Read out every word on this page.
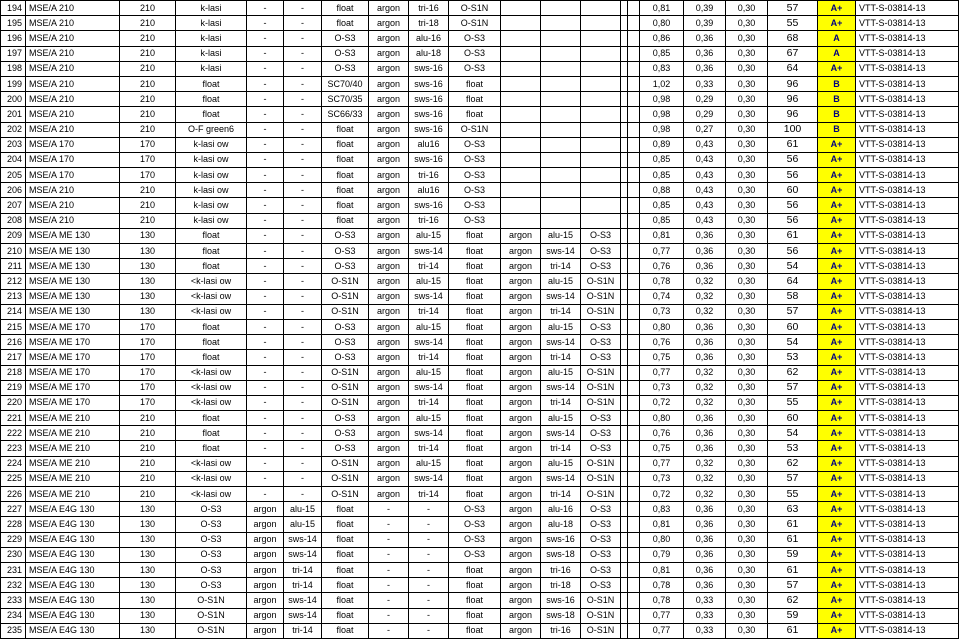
194	MSE/A 210	210	k-lasi	-	-	float	argon	tri-16	O-S1N						0,81	0,39	0,30	57	A+	VTT-S-03814-13
195	MSE/A 210	210	k-lasi	-	-	float	argon	tri-18	O-S1N						0,80	0,39	0,30	55	A+	VTT-S-03814-13
196	MSE/A 210	210	k-lasi	-	-	O-S3	argon	alu-16	O-S3						0,86	0,36	0,30	68	A	VTT-S-03814-13
197	MSE/A 210	210	k-lasi	-	-	O-S3	argon	alu-18	O-S3						0,85	0,36	0,30	67	A	VTT-S-03814-13
198	MSE/A 210	210	k-lasi	-	-	O-S3	argon	sws-16	O-S3						0,83	0,36	0,30	64	A+	VTT-S-03814-13
199	MSE/A 210	210	float	-	-	SC70/40	argon	sws-16	float						1,02	0,33	0,30	96	B	VTT-S-03814-13
200	MSE/A 210	210	float	-	-	SC70/35	argon	sws-16	float						0,98	0,29	0,30	96	B	VTT-S-03814-13
201	MSE/A 210	210	float	-	-	SC66/33	argon	sws-16	float						0,98	0,29	0,30	96	B	VTT-S-03814-13
202	MSE/A 210	210	O-F green6	-	-	float	argon	sws-16	O-S1N						0,98	0,27	0,30	100	B	VTT-S-03814-13
203	MSE/A 170	170	k-lasi ow	-	-	float	argon	alu16	O-S3						0,89	0,43	0,30	61	A+	VTT-S-03814-13
204	MSE/A 170	170	k-lasi ow	-	-	float	argon	sws-16	O-S3						0,85	0,43	0,30	56	A+	VTT-S-03814-13
205	MSE/A 170	170	k-lasi ow	-	-	float	argon	tri-16	O-S3						0,85	0,43	0,30	56	A+	VTT-S-03814-13
206	MSE/A 210	210	k-lasi ow	-	-	float	argon	alu16	O-S3						0,88	0,43	0,30	60	A+	VTT-S-03814-13
207	MSE/A 210	210	k-lasi ow	-	-	float	argon	sws-16	O-S3						0,85	0,43	0,30	56	A+	VTT-S-03814-13
208	MSE/A 210	210	k-lasi ow	-	-	float	argon	tri-16	O-S3						0,85	0,43	0,30	56	A+	VTT-S-03814-13
209	MSE/A ME 130	130	float	-	-	O-S3	argon	alu-15	float	argon	alu-15	O-S3			0,81	0,36	0,30	61	A+	VTT-S-03814-13
210	MSE/A ME 130	130	float	-	-	O-S3	argon	sws-14	float	argon	sws-14	O-S3			0,77	0,36	0,30	56	A+	VTT-S-03814-13
211	MSE/A ME 130	130	float	-	-	O-S3	argon	tri-14	float	argon	tri-14	O-S3			0,76	0,36	0,30	54	A+	VTT-S-03814-13
212	MSE/A ME 130	130	<k-lasi ow	-	-	O-S1N	argon	alu-15	float	argon	alu-15	O-S1N			0,78	0,32	0,30	64	A+	VTT-S-03814-13
213	MSE/A ME 130	130	<k-lasi ow	-	-	O-S1N	argon	sws-14	float	argon	sws-14	O-S1N			0,74	0,32	0,30	58	A+	VTT-S-03814-13
214	MSE/A ME 130	130	<k-lasi ow	-	-	O-S1N	argon	tri-14	float	argon	tri-14	O-S1N			0,73	0,32	0,30	57	A+	VTT-S-03814-13
215	MSE/A ME 170	170	float	-	-	O-S3	argon	alu-15	float	argon	alu-15	O-S3			0,80	0,36	0,30	60	A+	VTT-S-03814-13
216	MSE/A ME 170	170	float	-	-	O-S3	argon	sws-14	float	argon	sws-14	O-S3			0,76	0,36	0,30	54	A+	VTT-S-03814-13
217	MSE/A ME 170	170	float	-	-	O-S3	argon	tri-14	float	argon	tri-14	O-S3			0,75	0,36	0,30	53	A+	VTT-S-03814-13
218	MSE/A ME 170	170	<k-lasi ow	-	-	O-S1N	argon	alu-15	float	argon	alu-15	O-S1N			0,77	0,32	0,30	62	A+	VTT-S-03814-13
219	MSE/A ME 170	170	<k-lasi ow	-	-	O-S1N	argon	sws-14	float	argon	sws-14	O-S1N			0,73	0,32	0,30	57	A+	VTT-S-03814-13
220	MSE/A ME 170	170	<k-lasi ow	-	-	O-S1N	argon	tri-14	float	argon	tri-14	O-S1N			0,72	0,32	0,30	55	A+	VTT-S-03814-13
221	MSE/A ME 210	210	float	-	-	O-S3	argon	alu-15	float	argon	alu-15	O-S3			0,80	0,36	0,30	60	A+	VTT-S-03814-13
222	MSE/A ME 210	210	float	-	-	O-S3	argon	sws-14	float	argon	sws-14	O-S3			0,76	0,36	0,30	54	A+	VTT-S-03814-13
223	MSE/A ME 210	210	float	-	-	O-S3	argon	tri-14	float	argon	tri-14	O-S3			0,75	0,36	0,30	53	A+	VTT-S-03814-13
224	MSE/A ME 210	210	<k-lasi ow	-	-	O-S1N	argon	alu-15	float	argon	alu-15	O-S1N			0,77	0,32	0,30	62	A+	VTT-S-03814-13
225	MSE/A ME 210	210	<k-lasi ow	-	-	O-S1N	argon	sws-14	float	argon	sws-14	O-S1N			0,73	0,32	0,30	57	A+	VTT-S-03814-13
226	MSE/A ME 210	210	<k-lasi ow	-	-	O-S1N	argon	tri-14	float	argon	tri-14	O-S1N			0,72	0,32	0,30	55	A+	VTT-S-03814-13
227	MSE/A E4G 130	130	O-S3	argon	alu-15	float	-	-	O-S3	argon	alu-16	O-S3			0,83	0,36	0,30	63	A+	VTT-S-03814-13
228	MSE/A E4G 130	130	O-S3	argon	alu-15	float	-	-	O-S3	argon	alu-18	O-S3			0,81	0,36	0,30	61	A+	VTT-S-03814-13
229	MSE/A E4G 130	130	O-S3	argon	sws-14	float	-	-	O-S3	argon	sws-16	O-S3			0,80	0,36	0,30	61	A+	VTT-S-03814-13
230	MSE/A E4G 130	130	O-S3	argon	sws-14	float	-	-	O-S3	argon	sws-18	O-S3			0,79	0,36	0,30	59	A+	VTT-S-03814-13
231	MSE/A E4G 130	130	O-S3	argon	tri-14	float	-	-	float	argon	tri-16	O-S3			0,81	0,36	0,30	61	A+	VTT-S-03814-13
232	MSE/A E4G 130	130	O-S3	argon	tri-14	float	-	-	float	argon	tri-18	O-S3			0,78	0,36	0,30	57	A+	VTT-S-03814-13
233	MSE/A E4G 130	130	O-S1N	argon	sws-14	float	-	-	float	argon	sws-16	O-S1N			0,78	0,33	0,30	62	A+	VTT-S-03814-13
234	MSE/A E4G 130	130	O-S1N	argon	sws-14	float	-	-	float	argon	sws-18	O-S1N			0,77	0,33	0,30	59	A+	VTT-S-03814-13
235	MSE/A E4G 130	130	O-S1N	argon	tri-14	float	-	-	float	argon	tri-16	O-S1N			0,77	0,33	0,30	61	A+	VTT-S-03814-13
